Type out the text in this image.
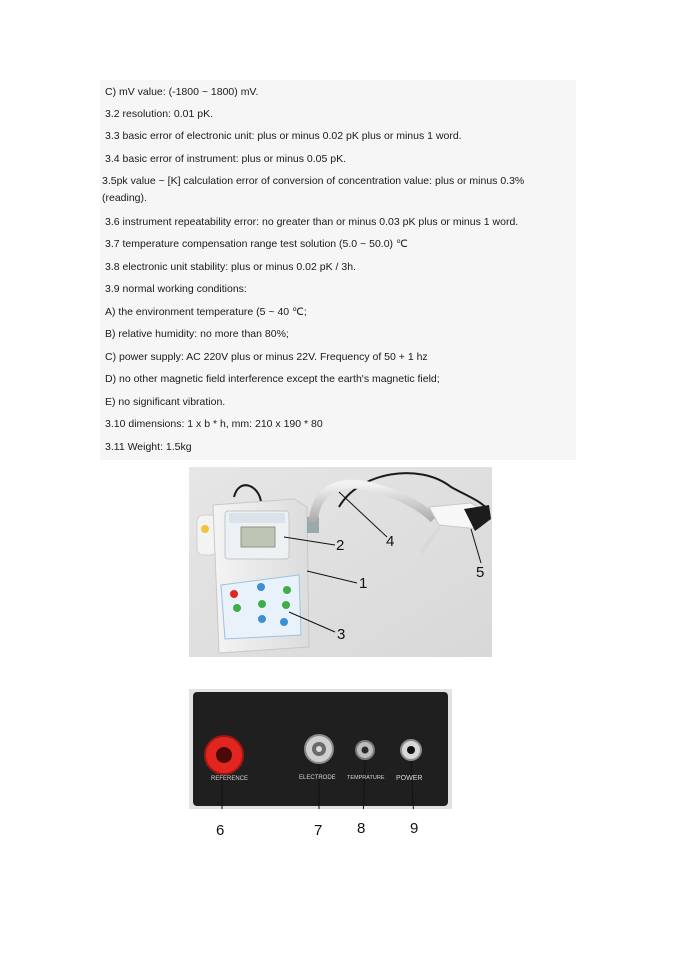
C) mV value: (-1800 ~ 1800) mV.
3.2 resolution: 0.01 pK.
3.3 basic error of electronic unit: plus or minus 0.02 pK plus or minus 1 word.
3.4 basic error of instrument: plus or minus 0.05 pK.
3.5pk value ~ [K] calculation error of conversion of concentration value: plus or minus 0.3% (reading).
3.6 instrument repeatability error: no greater than or minus 0.03 pK plus or minus 1 word.
3.7 temperature compensation range test solution (5.0 ~ 50.0) ℃
3.8 electronic unit stability: plus or minus 0.02 pK / 3h.
3.9 normal working conditions:
A) the environment temperature (5 ~ 40 ℃;
B) relative humidity: no more than 80%;
C) power supply: AC 220V plus or minus 22V. Frequency of 50 + 1 hz
D) no other magnetic field interference except the earth's magnetic field;
E) no significant vibration.
3.10 dimensions: 1 x b * h, mm: 210 x 190 * 80
3.11 Weight: 1.5kg
2
1
3
4
5
REFERENCE	ELECTRODE TEMPRATURE POWER
6	7 8	9
